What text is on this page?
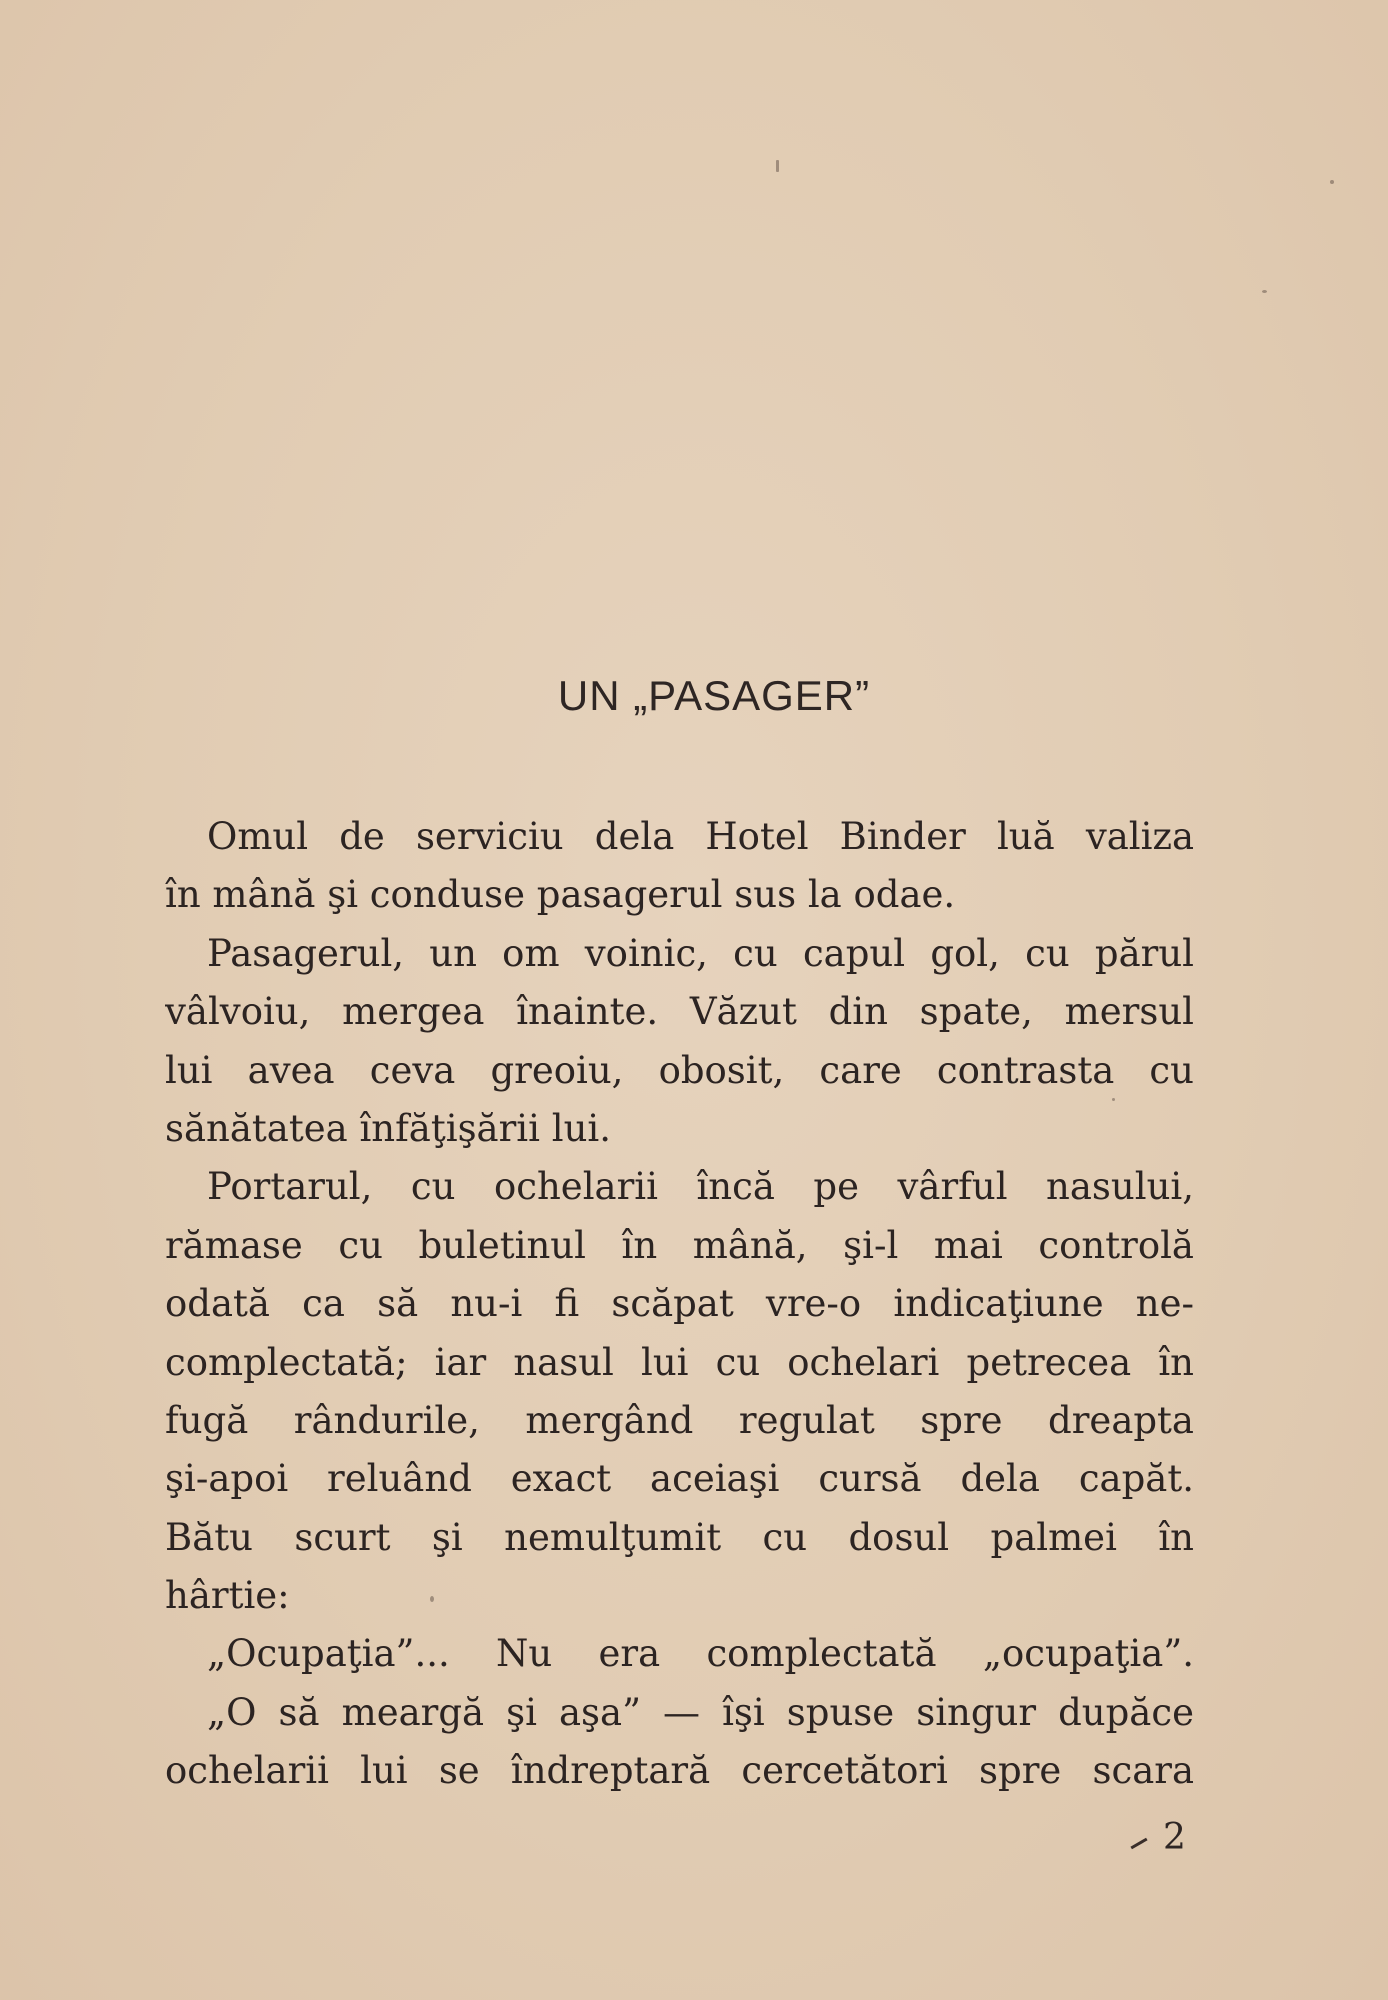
UN „PASAGER”
Omul de serviciu dela Hotel Binder luă valiza
în mână şi conduse pasagerul sus la odae.
Pasagerul, un om voinic, cu capul gol, cu părul
vâlvoiu, mergea înainte. Văzut din spate, mersul
lui avea ceva greoiu, obosit, care contrasta cu
sănătatea înfăţişării lui.
Portarul, cu ochelarii încă pe vârful nasului,
rămase cu buletinul în mână, şi-l mai controlă
odată ca să nu-i fi scăpat vre-o indicaţiune ne-
complectată; iar nasul lui cu ochelari petrecea în
fugă rândurile, mergând regulat spre dreapta
şi-apoi reluând exact aceiaşi cursă dela capăt.
Bătu scurt şi nemulţumit cu dosul palmei în
hârtie:
„Ocupaţia”... Nu era complectată „ocupaţia”.
„O să meargă şi aşa” — îşi spuse singur dupăce
ochelarii lui se îndreptară cercetători spre scara
2
